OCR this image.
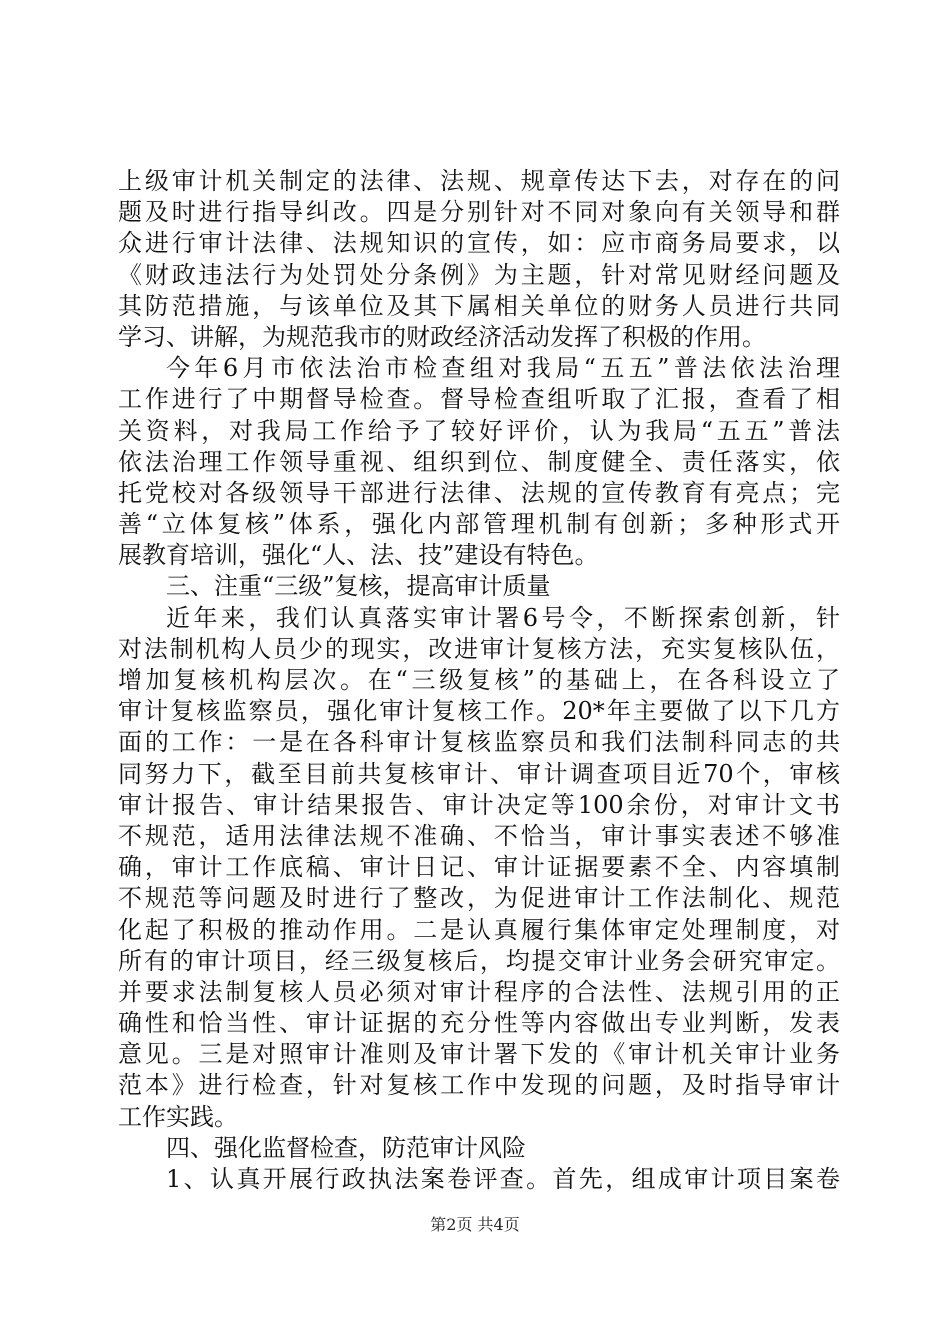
上级审计机关制定的法律、法规、规章传达下去，对存在的问
题及时进行指导纠改。四是分别针对不同对象向有关领导和群
众进行审计法律、法规知识的宣传，如：应市商务局要求，以
《财政违法行为处罚处分条例》为主题，针对常见财经问题及
其防范措施，与该单位及其下属相关单位的财务人员进行共同
学习、讲解，为规范我市的财政经济活动发挥了积极的作用。
今年6月市依法治市检查组对我局“五五”普法依法治理
工作进行了中期督导检查。督导检查组听取了汇报，查看了相
关资料，对我局工作给予了较好评价，认为我局“五五”普法
依法治理工作领导重视、组织到位、制度健全、责任落实，依
托党校对各级领导干部进行法律、法规的宣传教育有亮点；完
善“立体复核”体系，强化内部管理机制有创新；多种形式开
展教育培训，强化“人、法、技”建设有特色。
三、注重“三级”复核，提高审计质量
近年来，我们认真落实审计署6号令，不断探索创新，针
对法制机构人员少的现实，改进审计复核方法，充实复核队伍，
增加复核机构层次。在“三级复核”的基础上，在各科设立了
审计复核监察员，强化审计复核工作。20*年主要做了以下几方
面的工作：一是在各科审计复核监察员和我们法制科同志的共
同努力下，截至目前共复核审计、审计调查项目近70个，审核
审计报告、审计结果报告、审计决定等100余份，对审计文书
不规范，适用法律法规不准确、不恰当，审计事实表述不够准
确，审计工作底稿、审计日记、审计证据要素不全、内容填制
不规范等问题及时进行了整改，为促进审计工作法制化、规范
化起了积极的推动作用。二是认真履行集体审定处理制度，对
所有的审计项目，经三级复核后，均提交审计业务会研究审定。
并要求法制复核人员必须对审计程序的合法性、法规引用的正
确性和恰当性、审计证据的充分性等内容做出专业判断，发表
意见。三是对照审计准则及审计署下发的《审计机关审计业务
范本》进行检查，针对复核工作中发现的问题，及时指导审计
工作实践。
四、强化监督检查，防范审计风险
1、认真开展行政执法案卷评查。首先，组成审计项目案卷
第2页 共4页
